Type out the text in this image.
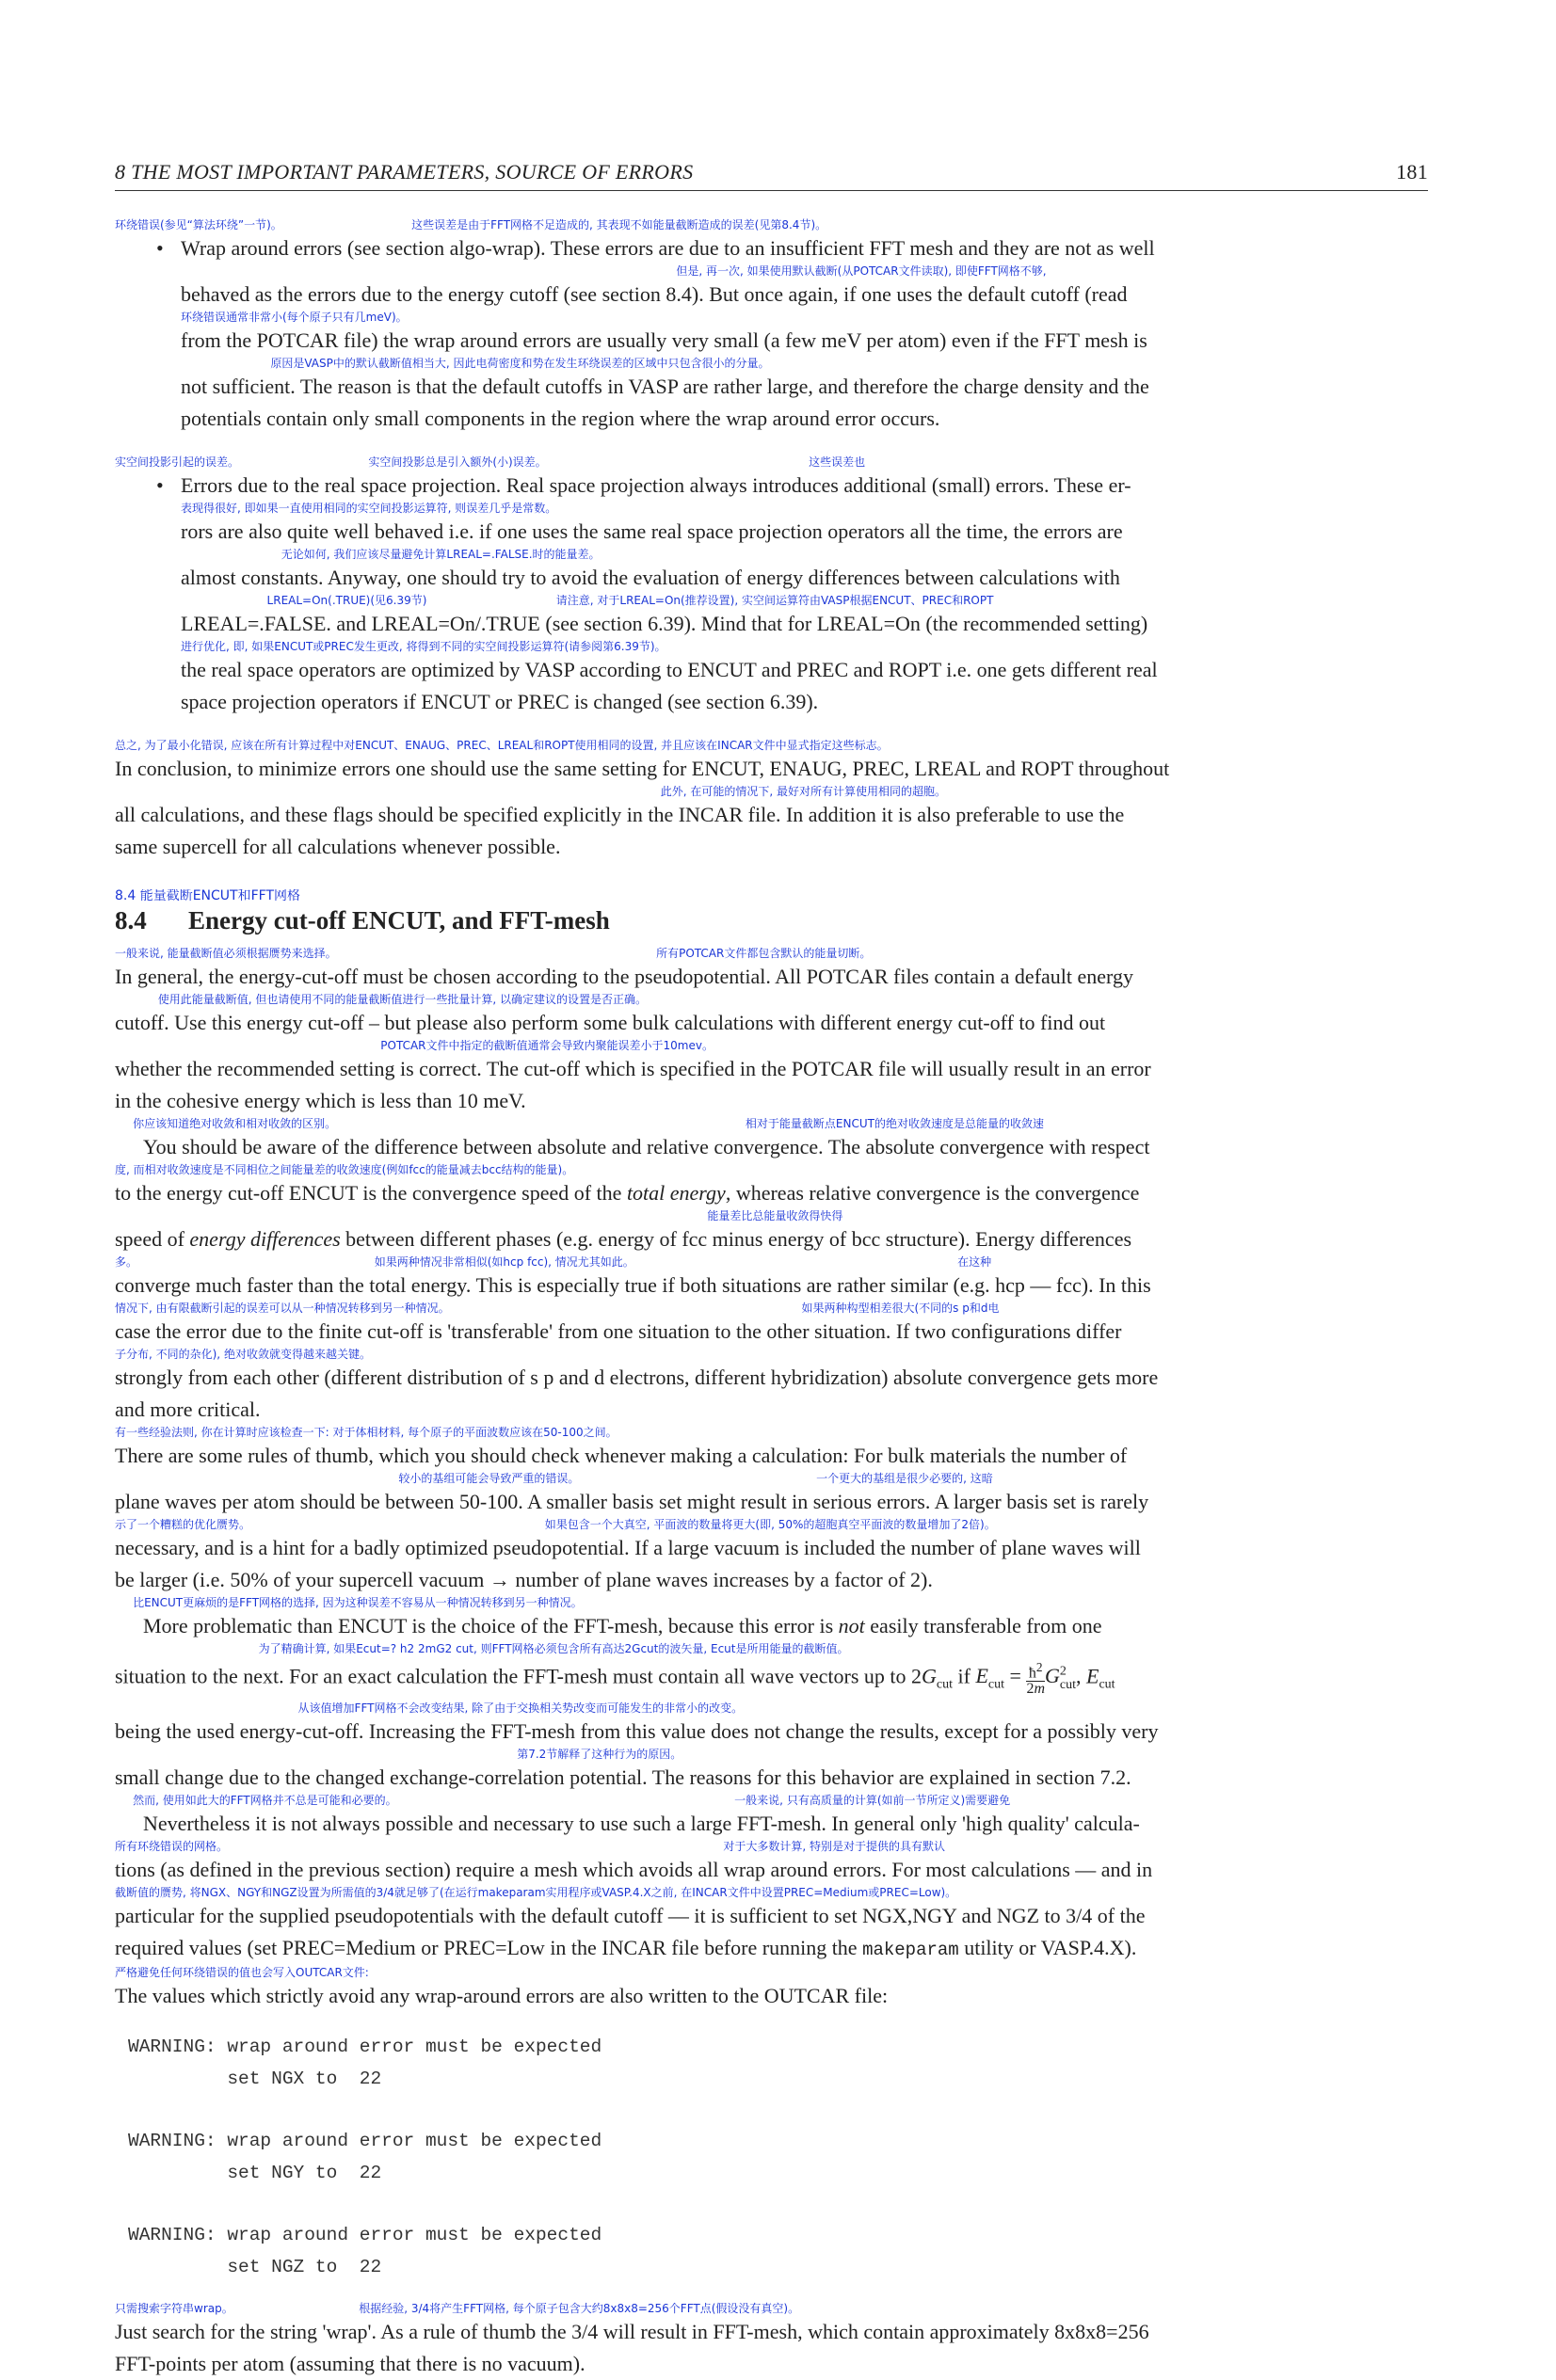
8 THE MOST IMPORTANT PARAMETERS, SOURCE OF ERRORS	181
•

环绕错误(参见“算法环绕”一节)。                                    这些误差是由于FFT网格不足造成的, 其表现不如能量截断造成的误差(见第8.4节)。

Wrap around errors (see section algo-wrap). These errors are due to an insufficient FFT mesh and they are not as well

但是, 再一次, 如果使用默认截断(从POTCAR文件读取), 即使FFT网格不够,

behaved as the errors due to the energy cutoff (see section 8.4). But once again, if one uses the default cutoff (read

环绕错误通常非常小(每个原子只有几meV)。

from the POTCAR file) the wrap around errors are usually very small (a few meV per atom) even if the FFT mesh is

原因是VASP中的默认截断值相当大, 因此电荷密度和势在发生环绕误差的区域中只包含很小的分量。

not sufficient. The reason is that the default cutoffs in VASP are rather large, and therefore the charge density and the

potentials contain only small components in the region where the wrap around error occurs.

•

实空间投影引起的误差。                                    实空间投影总是引入额外(小)误差。                                                                         这些误差也

Errors due to the real space projection. Real space projection always introduces additional (small) errors. These er-

表现得很好, 即如果一直使用相同的实空间投影运算符, 则误差几乎是常数。

rors are also quite well behaved i.e. if one uses the same real space projection operators all the time, the errors are

无论如何, 我们应该尽量避免计算LREAL=.FALSE.时的能量差。

almost constants. Anyway, one should try to avoid the evaluation of energy differences between calculations with

LREAL=On(.TRUE)(见6.39节)                                    请注意, 对于LREAL=On(推荐设置), 实空间运算符由VASP根据ENCUT、PREC和ROPT

LREAL=.FALSE. and LREAL=On/.TRUE (see section 6.39). Mind that for LREAL=On (the recommended setting)

进行优化, 即, 如果ENCUT或PREC发生更改, 将得到不同的实空间投影运算符(请参阅第6.39节)。

the real space operators are optimized by VASP according to ENCUT and PREC and ROPT i.e. one gets different real

space projection operators if ENCUT or PREC is changed (see section 6.39).

总之, 为了最小化错误, 应该在所有计算过程中对ENCUT、ENAUG、PREC、LREAL和ROPT使用相同的设置, 并且应该在INCAR文件中显式指定这些标志。

In conclusion, to minimize errors one should use the same setting for ENCUT, ENAUG, PREC, LREAL and ROPT throughout

此外, 在可能的情况下, 最好对所有计算使用相同的超胞。

all calculations, and these flags should be specified explicitly in the INCAR file. In addition it is also preferable to use the

same supercell for all calculations whenever possible.

8.4 能量截断ENCUT和FFT网格

8.4 Energy cut-off ENCUT, and FFT-mesh

一般来说, 能量截断值必须根据赝势来选择。                                                                                         所有POTCAR文件都包含默认的能量切断。

In general, the energy-cut-off must be chosen according to the pseudopotential. All POTCAR files contain a default energy

使用此能量截断值, 但也请使用不同的能量截断值进行一些批量计算, 以确定建议的设置是否正确。

cutoff. Use this energy cut-off – but please also perform some bulk calculations with different energy cut-off to find out

POTCAR文件中指定的截断值通常会导致内聚能误差小于10mev。

whether the recommended setting is correct. The cut-off which is specified in the POTCAR file will usually result in an error

in the cohesive energy which is less than 10 meV.

你应该知道绝对收敛和相对收敛的区别。                                                                                                                  相对于能量截断点ENCUT的绝对收敛速度是总能量的收敛速

You should be aware of the difference between absolute and relative convergence. The absolute convergence with respect

度, 而相对收敛速度是不同相位之间能量差的收敛速度(例如fcc的能量减去bcc结构的能量)。

to the energy cut-off ENCUT is the convergence speed of the total energy, whereas relative convergence is the convergence

能量差比总能量收敛得快得

speed of energy differences between different phases (e.g. energy of fcc minus energy of bcc structure). Energy differences

多。                                                                  如果两种情况非常相似(如hcp fcc), 情况尤其如此。                                                                                          在这种

converge much faster than the total energy. This is especially true if both situations are rather similar (e.g. hcp — fcc). In this

情况下, 由有限截断引起的误差可以从一种情况转移到另一种情况。                                                                                                  如果两种构型相差很大(不同的s p和d电

case the error due to the finite cut-off is 'transferable' from one situation to the other situation. If two configurations differ

子分布, 不同的杂化), 绝对收敛就变得越来越关键。

strongly from each other (different distribution of s p and d electrons, different hybridization) absolute convergence gets more

and more critical.

有一些经验法则, 你在计算时应该检查一下: 对于体相材料, 每个原子的平面波数应该在50-100之间。

There are some rules of thumb, which you should check whenever making a calculation: For bulk materials the number of

较小的基组可能会导致严重的错误。                                                                  一个更大的基组是很少必要的, 这暗

plane waves per atom should be between 50-100. A smaller basis set might result in serious errors. A larger basis set is rarely

示了一个糟糕的优化赝势。                                                                                  如果包含一个大真空, 平面波的数量将更大(即, 50%的超胞真空平面波的数量增加了2倍)。

necessary, and is a hint for a badly optimized pseudopotential. If a large vacuum is included the number of plane waves will

be larger (i.e. 50% of your supercell vacuum → number of plane waves increases by a factor of 2).

比ENCUT更麻烦的是FFT网格的选择, 因为这种误差不容易从一种情况转移到另一种情况。

More problematic than ENCUT is the choice of the FFT-mesh, because this error is not easily transferable from one

为了精确计算, 如果Ecut=? h2 2mG2 cut, 则FFT网格必须包含所有高达2Gcut的波矢量, Ecut是所用能量的截断值。

situation to the next. For an exact calculation the FFT-mesh must contain all wave vectors up to $2G_{cut}$ if $E_{cut} = \frac{ħ^2}{2m} G^2_{cut}$, $E_{cut}$

从该值增加FFT网格不会改变结果, 除了由于交换相关势改变而可能发生的非常小的改变。

being the used energy-cut-off. Increasing the FFT-mesh from this value does not change the results, except for a possibly very

第7.2节解释了这种行为的原因。

small change due to the changed exchange-correlation potential. The reasons for this behavior are explained in section 7.2.

然而, 使用如此大的FFT网格并不总是可能和必要的。                                                                                              一般来说, 只有高质量的计算(如前一节所定义)需要避免

Nevertheless it is not always possible and necessary to use such a large FFT-mesh. In general only 'high quality' calcula-

所有环绕错误的网格。                                                                                                                                          对于大多数计算, 特别是对于提供的具有默认

tions (as defined in the previous section) require a mesh which avoids all wrap around errors. For most calculations — and in

截断值的赝势, 将NGX、NGY和NGZ设置为所需值的3/4就足够了(在运行makeparam实用程序或VASP.4.X之前, 在INCAR文件中设置PREC=Medium或PREC=Low)。

particular for the supplied pseudopotentials with the default cutoff — it is sufficient to set NGX,NGY and NGZ to 3/4 of the

required values (set PREC=Medium or PREC=Low in the INCAR file before running the makeparam utility or VASP.4.X).

严格避免任何环绕错误的值也会写入OUTCAR文件:

The values which strictly avoid any wrap-around errors are also written to the OUTCAR file:

WARNING: wrap around error must be expected

set NGX to  22

WARNING: wrap around error must be expected

set NGY to  22

WARNING: wrap around error must be expected

set NGZ to  22

只需搜索字符串wrap。                                   根据经验, 3/4将产生FFT网格, 每个原子包含大约8x8x8=256个FFT点(假设没有真空)。

Just search for the string 'wrap'. As a rule of thumb the 3/4 will result in FFT-mesh, which contain approximately 8x8x8=256

FFT-points per atom (assuming that there is no vacuum).
